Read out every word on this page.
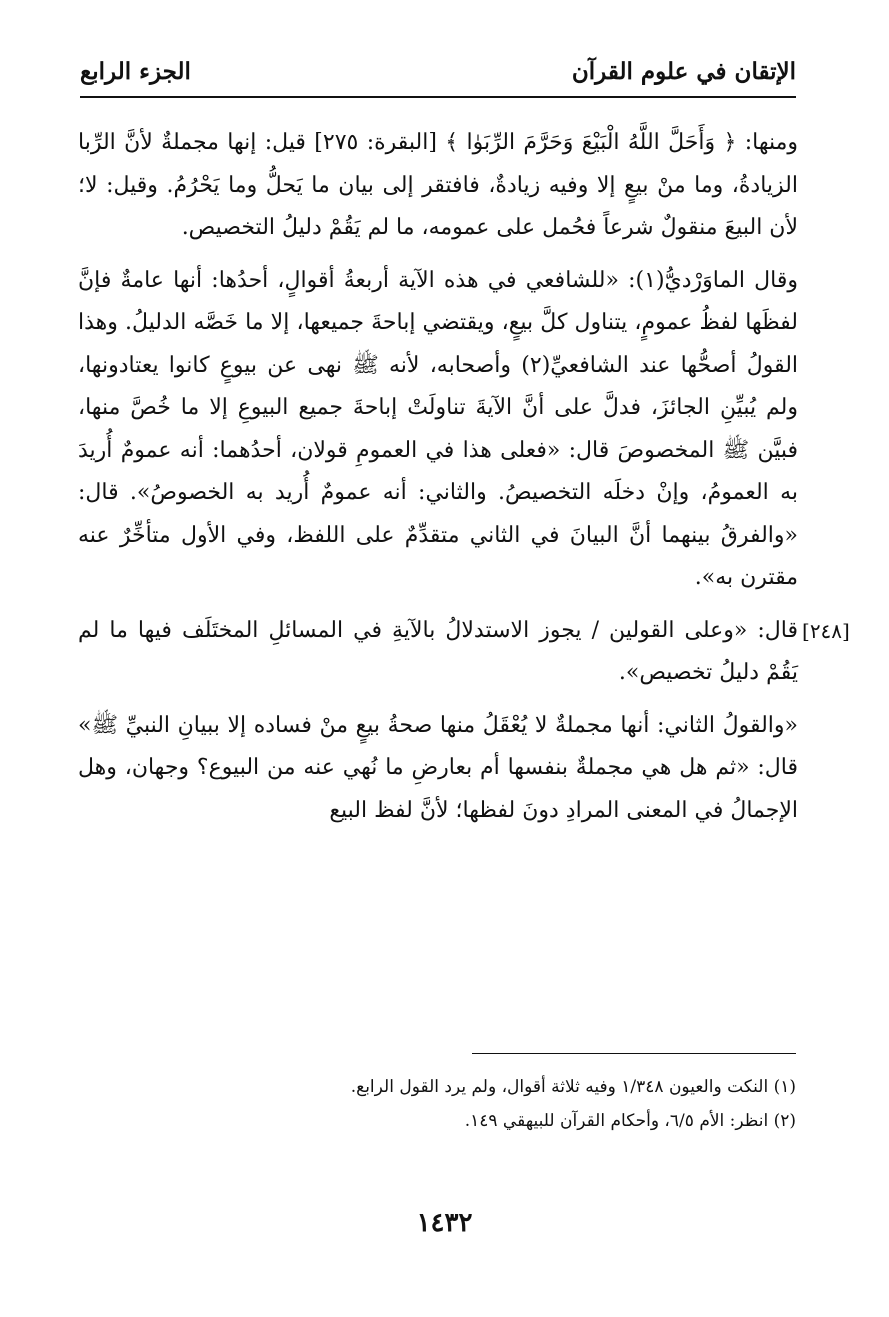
الإتقان في علوم القرآن
الجزء الرابع

ومنها: ﴿ وَأَحَلَّ اللَّهُ الْبَيْعَ وَحَرَّمَ الرِّبَوٰا ﴾ [البقرة: ٢٧٥] قيل: إنها مجملةٌ لأنَّ الرِّبا الزيادةُ، وما منْ بيعٍ إلا وفيه زيادةٌ، فافتقر إلى بيان ما يَحلُّ وما يَحْرُمُ. وقيل: لا؛ لأن البيعَ منقولٌ شرعاً فحُمل على عمومه، ما لم يَقُمْ دليلُ التخصيص.

وقال الماوَرْديُّ(١): «للشافعي في هذه الآية أربعةُ أقوالٍ، أحدُها: أنها عامةٌ فإنَّ لفظَها لفظُ عمومٍ، يتناول كلَّ بيعٍ، ويقتضي إباحةَ جميعها، إلا ما خَصَّه الدليلُ. وهذا القولُ أصحُّها عند الشافعيِّ(٢) وأصحابه، لأنه ﷺ نهى عن بيوعٍ كانوا يعتادونها، ولم يُبيِّنِ الجائزَ، فدلَّ على أنَّ الآيةَ تناولَتْ إباحةَ جميع البيوعِ إلا ما خُصَّ منها، فبيَّن ﷺ المخصوصَ قال: «فعلى هذا في العمومِ قولان، أحدُهما: أنه عمومٌ أُريدَ به العمومُ، وإنْ دخلَه التخصيصُ. والثاني: أنه عمومٌ أُريد به الخصوصُ». قال: «والفرقُ بينهما أنَّ البيانَ في الثاني متقدِّمٌ على اللفظ، وفي الأول متأخِّرٌ عنه مقترن به».

[٢٤٨]
قال: «وعلى القولين / يجوز الاستدلالُ بالآيةِ في المسائلِ المختَلَف فيها ما لم يَقُمْ دليلُ تخصيص».

«والقولُ الثاني: أنها مجملةٌ لا يُعْقَلُ منها صحةُ بيعٍ منْ فساده إلا ببيانِ النبيِّ ﷺ» قال: «ثم هل هي مجملةٌ بنفسها أم بعارضِ ما نُهي عنه من البيوع؟ وجهان، وهل الإجمالُ في المعنى المرادِ دونَ لفظها؛ لأنَّ لفظ البيع

(١) النكت والعيون ١/٣٤٨ وفيه ثلاثة أقوال، ولم يرد القول الرابع.

(٢) انظر: الأم ٦/٥، وأحكام القرآن للبيهقي ١٤٩.

١٤٣٢
